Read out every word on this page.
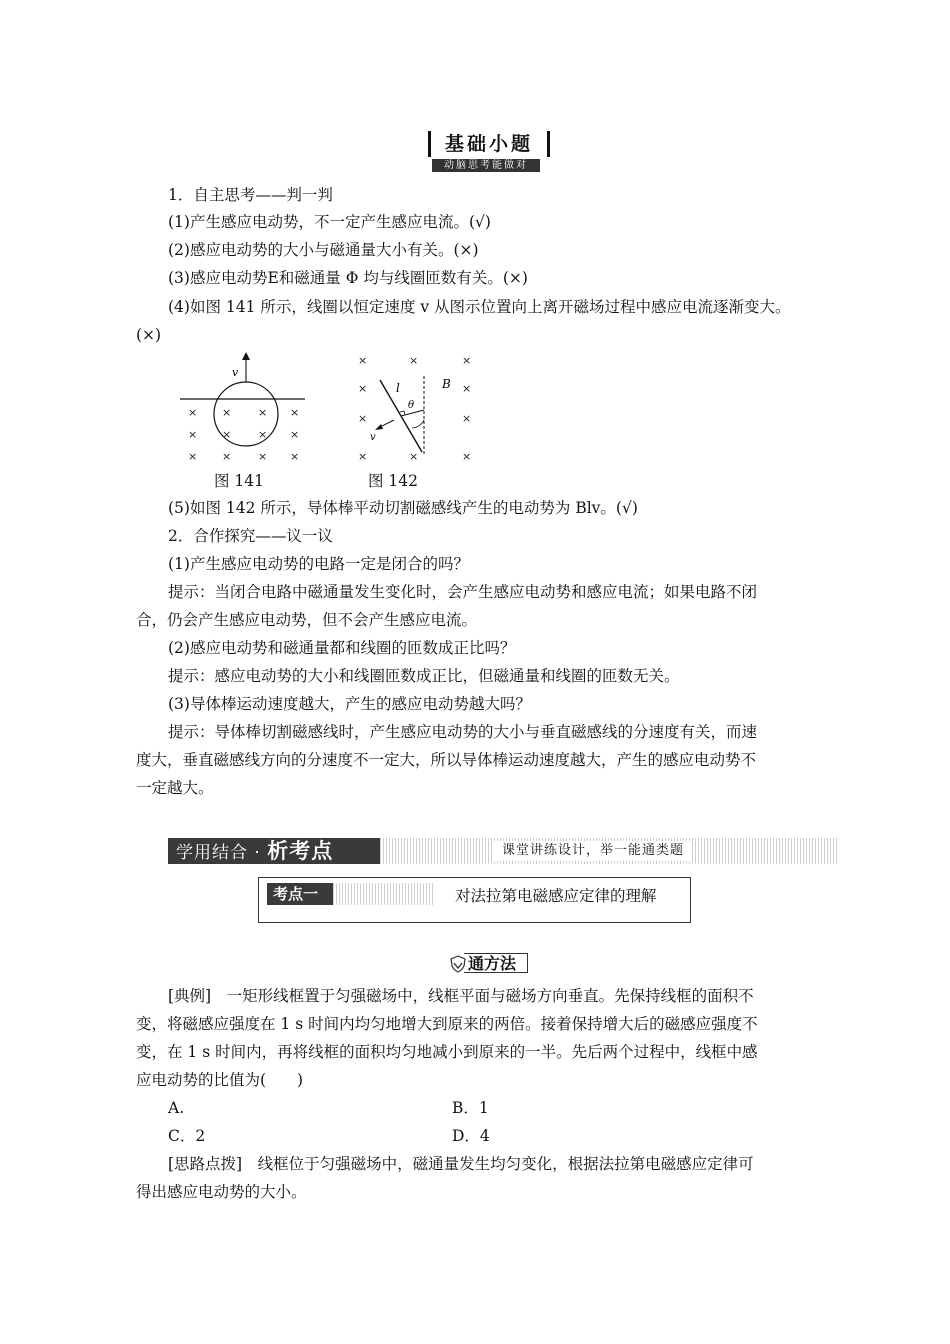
基础小题
动脑思考能做对
1．自主思考——判一判
(1)产生感应电动势，不一定产生感应电流。(√)
(2)感应电动势的大小与磁通量大小有关。(×)
(3)感应电动势E和磁通量 Φ 均与线圈匝数有关。(×)
(4)如图 141 所示，线圈以恒定速度 v 从图示位置向上离开磁场过程中感应电流逐渐变大。
(×)
v
× × × ×
× × × ×
× × × ×
图 141
×	×	×
×	×
×	×
×	×	×
l
θ
v
B
图 142
(5)如图 142 所示，导体棒平动切割磁感线产生的电动势为 Blv。(√)
2．合作探究——议一议
(1)产生感应电动势的电路一定是闭合的吗？
提示：当闭合电路中磁通量发生变化时，会产生感应电动势和感应电流；如果电路不闭
合，仍会产生感应电动势，但不会产生感应电流。
(2)感应电动势和磁通量都和线圈的匝数成正比吗？
提示：感应电动势的大小和线圈匝数成正比，但磁通量和线圈的匝数无关。
(3)导体棒运动速度越大，产生的感应电动势越大吗？
提示：导体棒切割磁感线时，产生感应电动势的大小与垂直磁感线的分速度有关，而速
度大，垂直磁感线方向的分速度不一定大，所以导体棒运动速度越大，产生的感应电动势不
一定越大。
学用结合 · 析考点	课堂讲练设计，举一能通类题
考点一	对法拉第电磁感应定律的理解
通方法
[典例]　一矩形线框置于匀强磁场中，线框平面与磁场方向垂直。先保持线框的面积不
变，将磁感应强度在 1 s 时间内均匀地增大到原来的两倍。接着保持增大后的磁感应强度不
变，在 1 s 时间内，再将线框的面积均匀地减小到原来的一半。先后两个过程中，线框中感
应电动势的比值为(　　)
A.	B．1
C．2	D．4
[思路点拨]　线框位于匀强磁场中，磁通量发生均匀变化，根据法拉第电磁感应定律可
得出感应电动势的大小。
